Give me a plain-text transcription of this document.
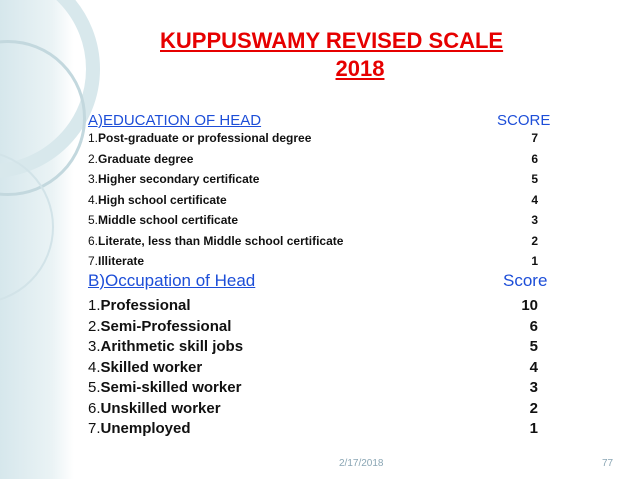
KUPPUSWAMY REVISED SCALE
2018
A)EDUCATION OF HEAD	SCORE
1.Post-graduate or professional degree	7
2.Graduate degree	6
3.Higher secondary certificate	5
4.High school certificate	4
5.Middle school certificate	3
6.Literate, less than Middle school certificate	2
7.Illiterate	1
B)Occupation of Head	Score
1.Professional	10
2.Semi-Professional	6
3.Arithmetic skill jobs	5
4.Skilled worker	4
5.Semi-skilled worker	3
6.Unskilled worker	2
7.Unemployed	1
2/17/2018	77
